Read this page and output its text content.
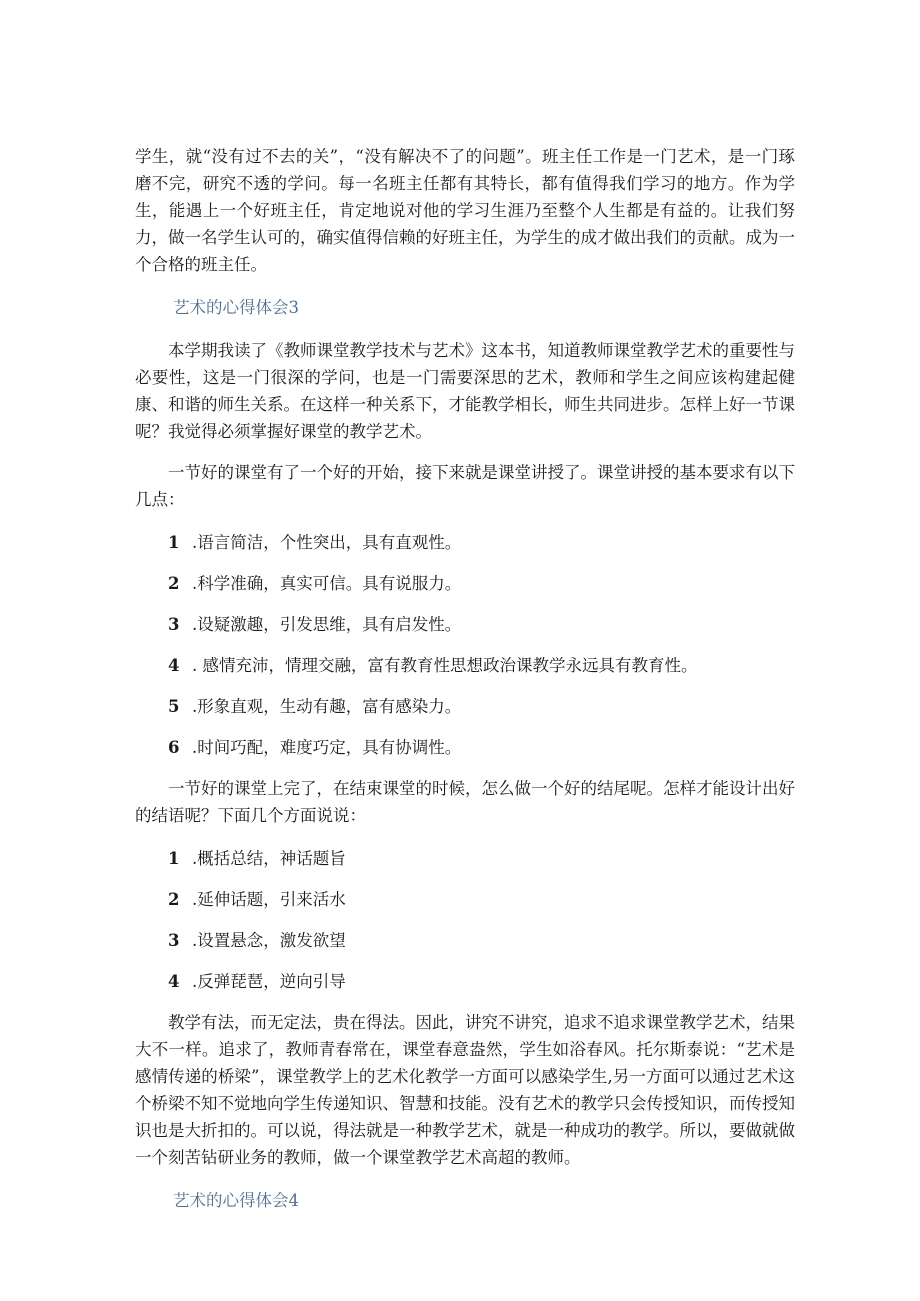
学生，就“没有过不去的关”，“没有解决不了的问题”。班主任工作是一门艺术，是一门琢磨不完，研究不透的学问。每一名班主任都有其特长，都有值得我们学习的地方。作为学生，能遇上一个好班主任，肯定地说对他的学习生涯乃至整个人生都是有益的。让我们努力，做一名学生认可的，确实值得信赖的好班主任，为学生的成才做出我们的贡献。成为一个合格的班主任。

艺术的心得体会3

本学期我读了《教师课堂教学技术与艺术》这本书，知道教师课堂教学艺术的重要性与必要性，这是一门很深的学问，也是一门需要深思的艺术，教师和学生之间应该构建起健康、和谐的师生关系。在这样一种关系下，才能教学相长，师生共同进步。怎样上好一节课呢？我觉得必须掌握好课堂的教学艺术。

一节好的课堂有了一个好的开始，接下来就是课堂讲授了。课堂讲授的基本要求有以下几点：

1 .语言简洁，个性突出，具有直观性。

2 .科学准确，真实可信。具有说服力。

3 .设疑激趣，引发思维，具有启发性。

4 . 感情充沛，情理交融，富有教育性思想政治课教学永远具有教育性。

5 .形象直观，生动有趣，富有感染力。

6 .时间巧配，难度巧定，具有协调性。

一节好的课堂上完了，在结束课堂的时候，怎么做一个好的结尾呢。怎样才能设计出好的结语呢？下面几个方面说说：

1 .概括总结，神话题旨

2 .延伸话题，引来活水

3 .设置悬念，激发欲望

4 .反弹琵琶，逆向引导

教学有法，而无定法，贵在得法。因此，讲究不讲究，追求不追求课堂教学艺术，结果大不一样。追求了，教师青春常在，课堂春意盎然，学生如浴春风。托尔斯泰说：“艺术是感情传递的桥梁”，课堂教学上的艺术化教学一方面可以感染学生,另一方面可以通过艺术这个桥梁不知不觉地向学生传递知识、智慧和技能。没有艺术的教学只会传授知识，而传授知识也是大折扣的。可以说，得法就是一种教学艺术，就是一种成功的教学。所以，要做就做一个刻苦钻研业务的教师，做一个课堂教学艺术高超的教师。

艺术的心得体会4
